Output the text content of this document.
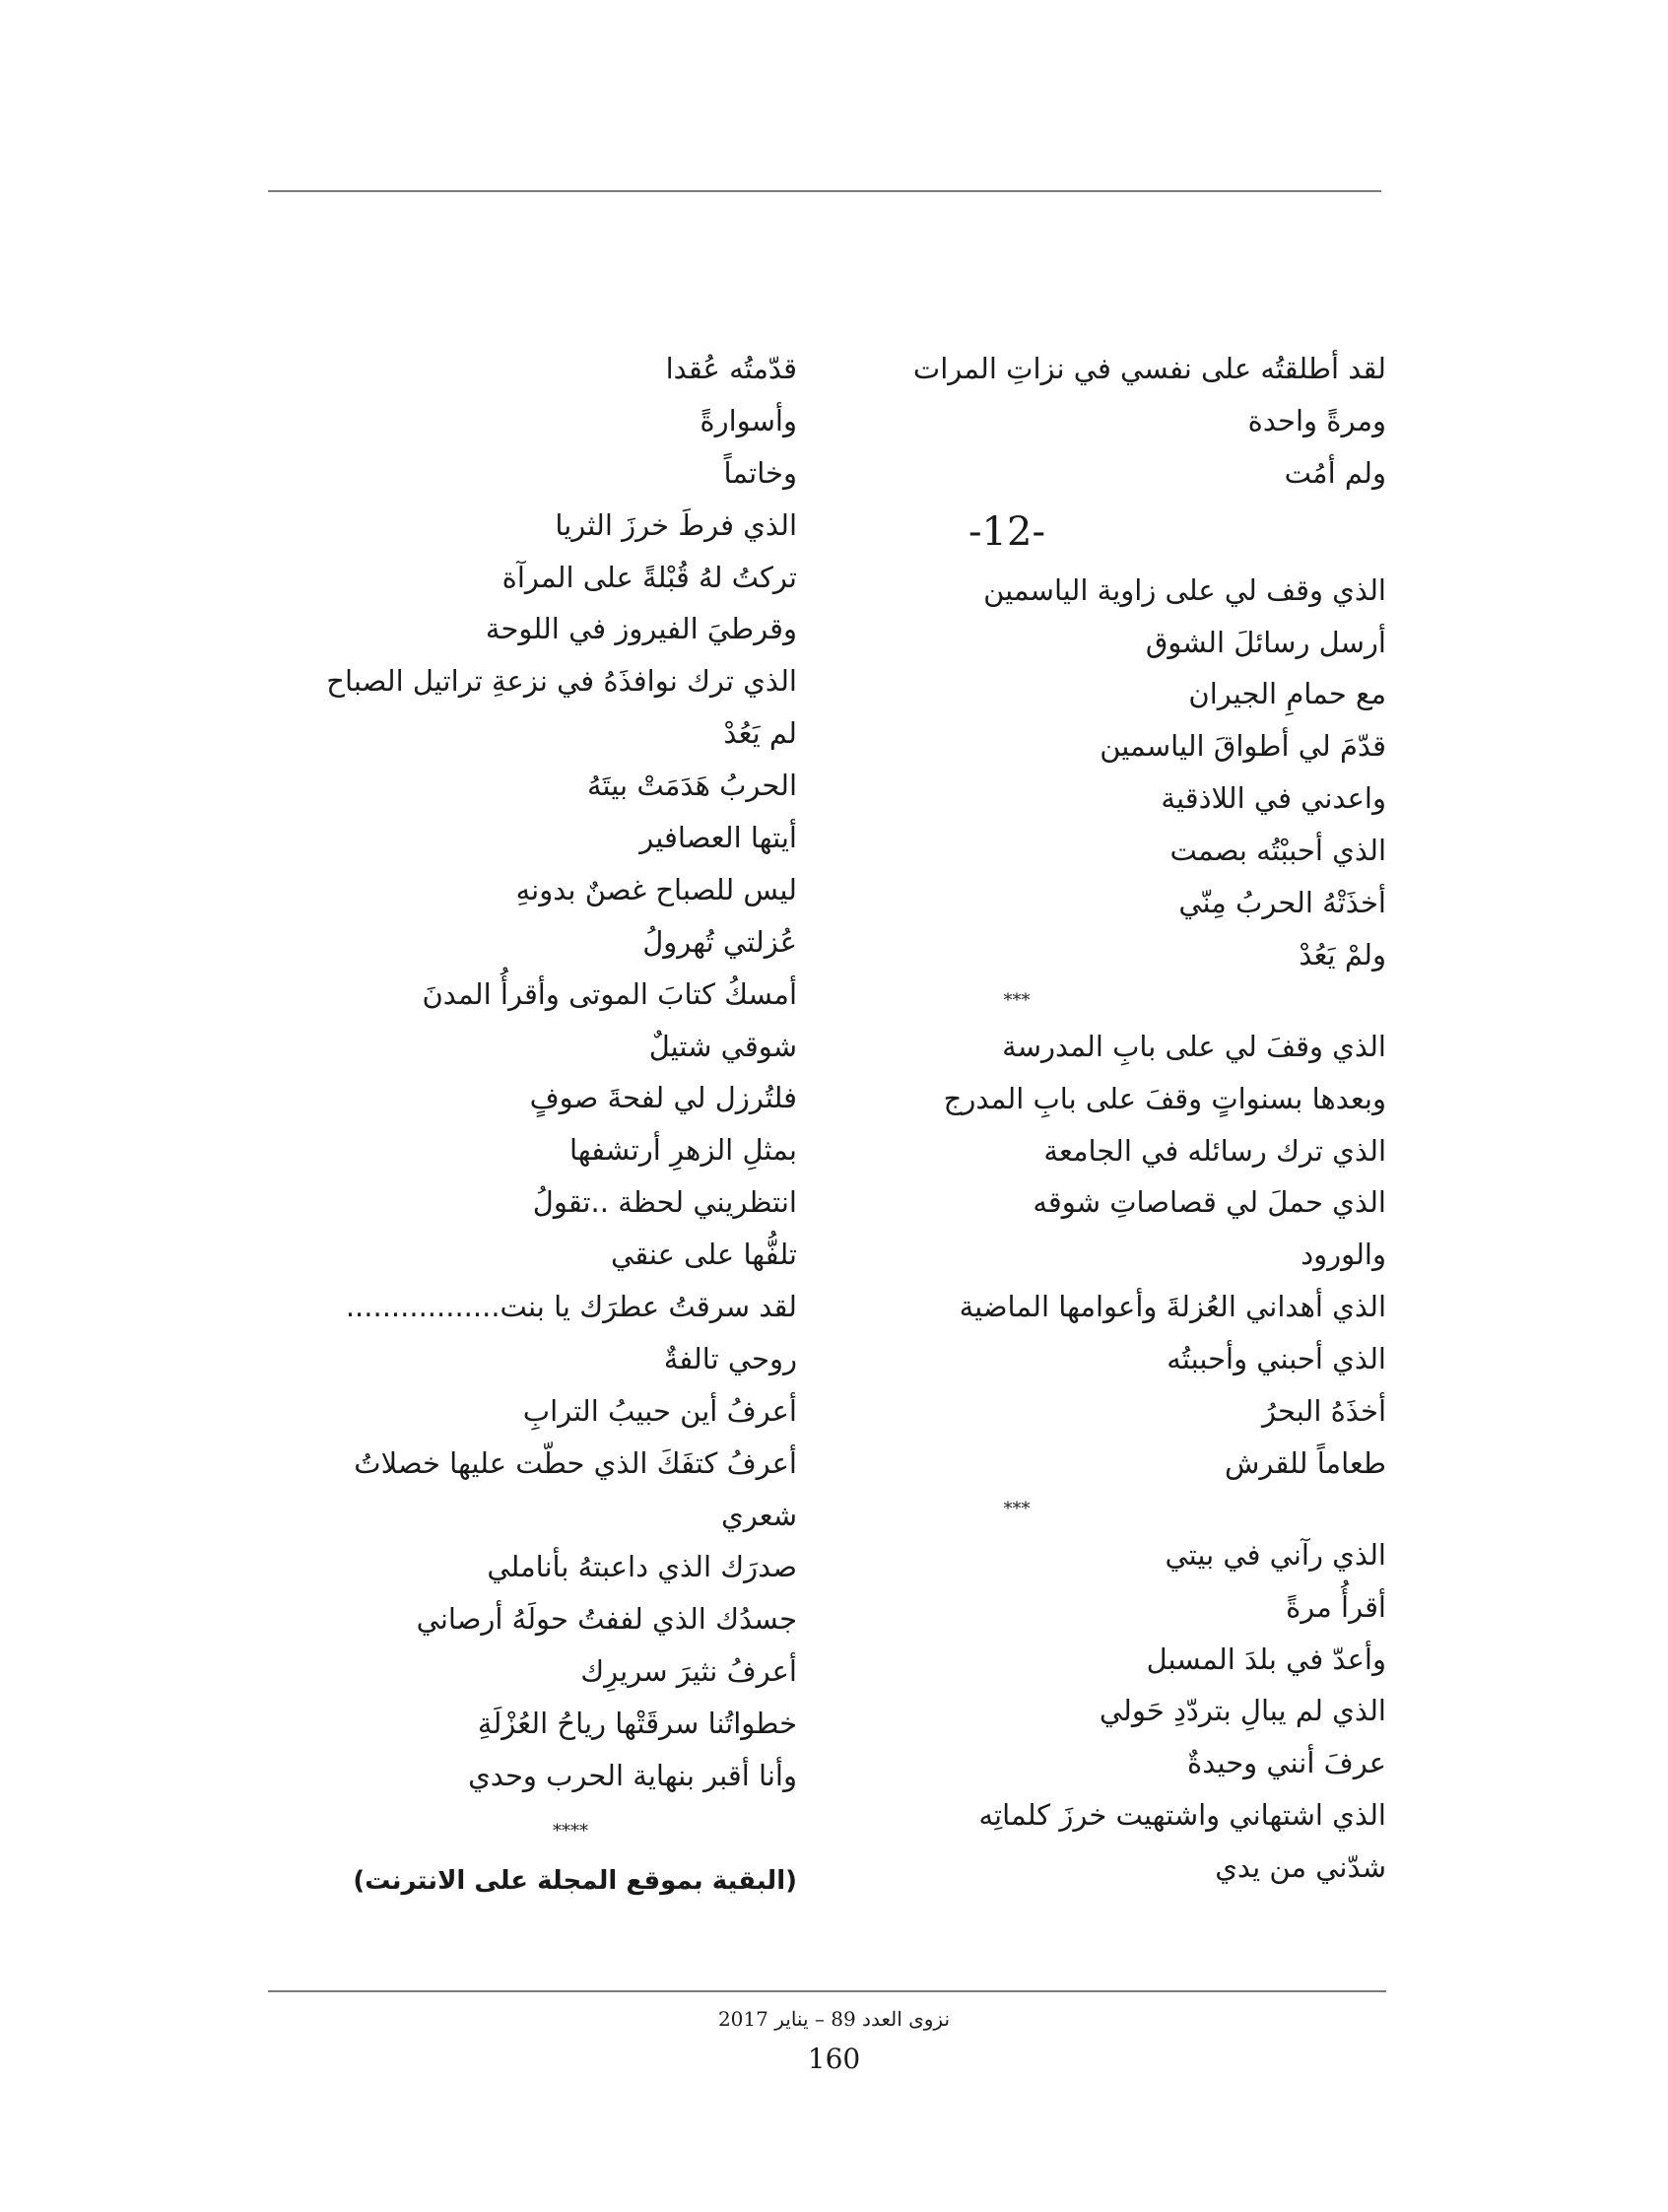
لقد أطلقتُه على نفسي في نزاتِ المرات
ومرةً واحدة
ولم أمُت
-12-
الذي وقف لي على زاوية الياسمين
أرسل رسائلَ الشوق
مع حمامِ الجيران
قدّمَ لي أطواقَ الياسمين
واعدني في اللاذقية
الذي أحببْتُه بصمت
أخذَتْهُ الحربُ مِنّي
ولمْ يَعُدْ
***
الذي وقفَ لي على بابِ المدرسة
وبعدها بسنواتٍ وقفَ على بابِ المدرج
الذي ترك رسائله في الجامعة
الذي حملَ لي قصاصاتِ شوقه
والورود
الذي أهداني العُزلةَ وأعوامها الماضية
الذي أحبني وأحببتُه
أخذَهُ البحرُ
طعاماً للقرش
***
الذي رآني في بيتي
أقرأُ مرةً
وأعدّ في بلدَ المسبل
الذي لم يبالِ بتردّدِ حَولي
عرفَ أنني وحيدةٌ
الذي اشتهاني واشتهيت خرزَ كلماتِه
شدّني من يدي
قدّمتُه عُقدا
وأسوارةً
وخاتماً
الذي فرطَ خرزَ الثريا
تركتُ لهُ قُبْلةً على المرآة
وقرطيَ الفيروز في اللوحة
الذي ترك نوافذَهُ في نزعةِ تراتيل الصباح
لم يَعُدْ
الحربُ هَدَمَتْ بيتَهُ
أيتها العصافير
ليس للصباح غصنٌ بدونهِ
عُزلتي تُهرولُ
أمسكُ كتابَ الموتى وأقرأُ المدنَ
شوقي شتيلٌ
فلتُرزل لي لفحةَ صوفٍ
بمثلِ الزهرِ أرتشفها
انتظريني لحظة ..تقولُ
تلفُّها على عنقي
لقد سرقتُ عطرَك يا بنت.................
روحي تالفةٌ
أعرفُ أين حبيبُ الترابِ
أعرفُ كتفَكَ الذي حطّت عليها خصلاتُ
شعري
صدرَك الذي داعبتهُ بأناملي
جسدُك الذي لففتُ حولَهُ أرصاني
أعرفُ نثيرَ سريرِك
خطواتُنا سرقَتْها رياحُ العُزْلَةِ
وأنا أقبر بنهاية الحرب وحدي
****
(البقية بموقع المجلة على الانترنت)
نزوى العدد 89 – يناير 2017
160
